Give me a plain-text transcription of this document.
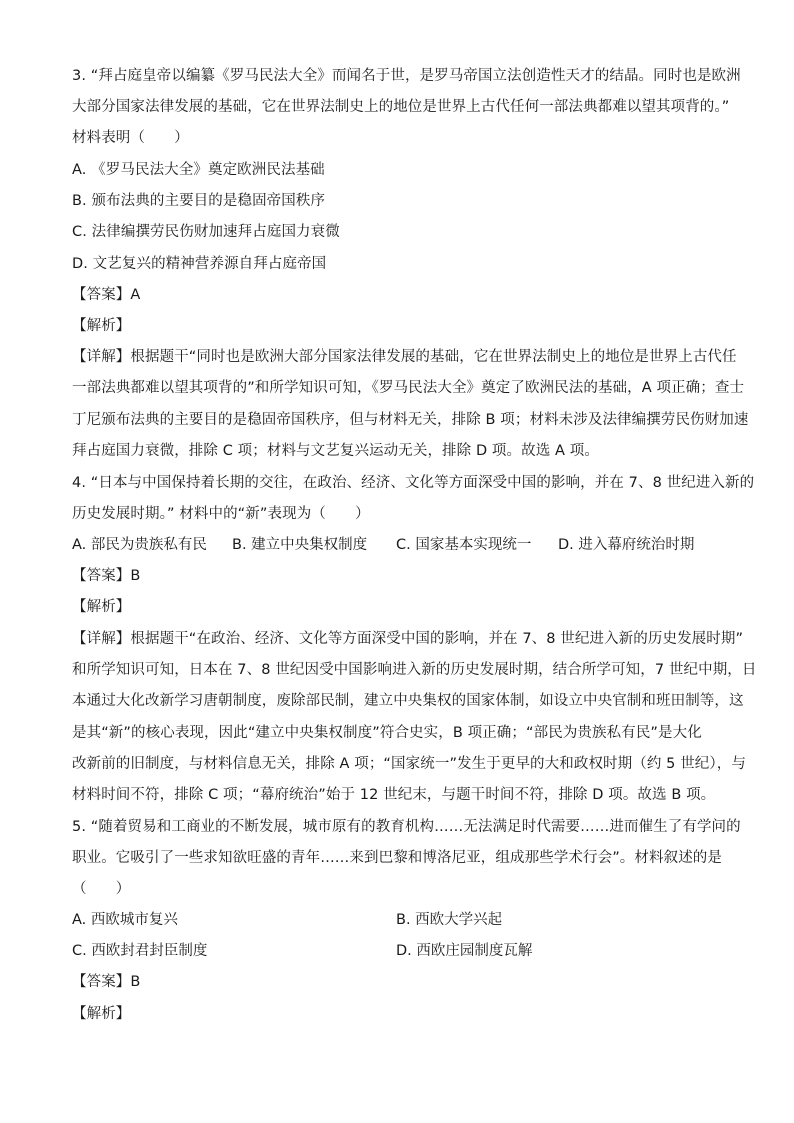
3. “拜占庭皇帝以编纂《罗马民法大全》而闻名于世，是罗马帝国立法创造性天才的结晶。同时也是欧洲
大部分国家法律发展的基础，它在世界法制史上的地位是世界上古代任何一部法典都难以望其项背的。”
材料表明（　　）
A. 《罗马民法大全》奠定欧洲民法基础
B. 颁布法典的主要目的是稳固帝国秩序
C. 法律编撰劳民伤财加速拜占庭国力衰微
D. 文艺复兴的精神营养源自拜占庭帝国
【答案】A
【解析】
【详解】根据题干“同时也是欧洲大部分国家法律发展的基础，它在世界法制史上的地位是世界上古代任
一部法典都难以望其项背的”和所学知识可知，《罗马民法大全》奠定了欧洲民法的基础，A 项正确；查士
丁尼颁布法典的主要目的是稳固帝国秩序，但与材料无关，排除 B 项；材料未涉及法律编撰劳民伤财加速
拜占庭国力衰微，排除 C 项；材料与文艺复兴运动无关，排除 D 项。故选 A 项。
4. “日本与中国保持着长期的交往，在政治、经济、文化等方面深受中国的影响，并在 7、8 世纪进入新的
历史发展时期。” 材料中的“新”表现为（　　）
A. 部民为贵族私有民 B. 建立中央集权制度 C. 国家基本实现统一 D. 进入幕府统治时期
【答案】B
【解析】
【详解】根据题干“在政治、经济、文化等方面深受中国的影响，并在 7、8 世纪进入新的历史发展时期”
和所学知识可知，日本在 7、8 世纪因受中国影响进入新的历史发展时期，结合所学可知，7 世纪中期，日
本通过大化改新学习唐朝制度，废除部民制，建立中央集权的国家体制，如设立中央官制和班田制等，这
是其“新”的核心表现，因此“建立中央集权制度”符合史实，B 项正确；“部民为贵族私有民”是大化
改新前的旧制度，与材料信息无关，排除 A 项；“国家统一”发生于更早的大和政权时期（约 5 世纪），与
材料时间不符，排除 C 项；“幕府统治”始于 12 世纪末，与题干时间不符，排除 D 项。故选 B 项。
5. “随着贸易和工商业的不断发展，城市原有的教育机构……无法满足时代需要……进而催生了有学问的
职业。它吸引了一些求知欲旺盛的青年……来到巴黎和博洛尼亚，组成那些学术行会”。材料叙述的是
（　　）
A. 西欧城市复兴	B. 西欧大学兴起
C. 西欧封君封臣制度	D. 西欧庄园制度瓦解
【答案】B
【解析】
